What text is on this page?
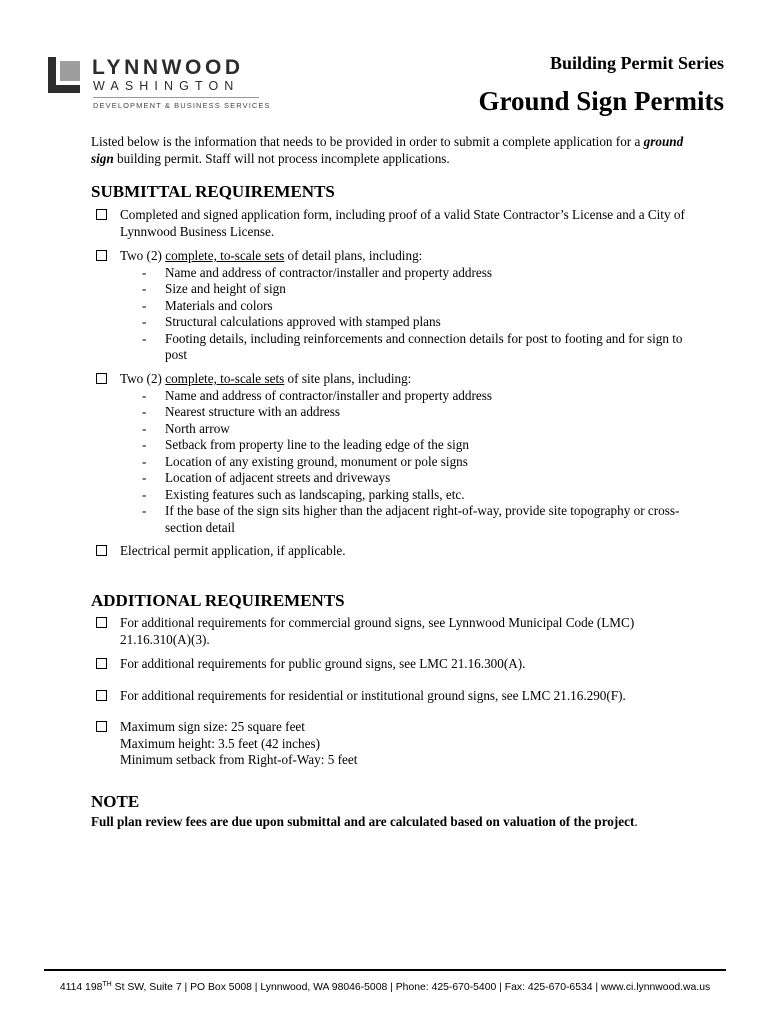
LYNNWOOD
WASHINGTON
DEVELOPMENT & BUSINESS SERVICES
Building Permit Series
Ground Sign Permits
Listed below is the information that needs to be provided in order to submit a complete application for a ground sign building permit. Staff will not process incomplete applications.
SUBMITTAL REQUIREMENTS
Completed and signed application form, including proof of a valid State Contractor’s License and a City of Lynnwood Business License.
Two (2) complete, to-scale sets of detail plans, including:
- Name and address of contractor/installer and property address
- Size and height of sign
- Materials and colors
- Structural calculations approved with stamped plans
- Footing details, including reinforcements and connection details for post to footing and for sign to post
Two (2) complete, to-scale sets of site plans, including:
- Name and address of contractor/installer and property address
- Nearest structure with an address
- North arrow
- Setback from property line to the leading edge of the sign
- Location of any existing ground, monument or pole signs
- Location of adjacent streets and driveways
- Existing features such as landscaping, parking stalls, etc.
- If the base of the sign sits higher than the adjacent right-of-way, provide site topography or cross-section detail
Electrical permit application, if applicable.
ADDITIONAL REQUIREMENTS
For additional requirements for commercial ground signs, see Lynnwood Municipal Code (LMC) 21.16.310(A)(3).
For additional requirements for public ground signs, see LMC 21.16.300(A).
For additional requirements for residential or institutional ground signs, see LMC 21.16.290(F).
Maximum sign size: 25 square feet
Maximum height: 3.5 feet (42 inches)
Minimum setback from Right-of-Way: 5 feet
NOTE
Full plan review fees are due upon submittal and are calculated based on valuation of the project.
4114 198TH St SW, Suite 7 | PO Box 5008 | Lynnwood, WA 98046-5008 | Phone: 425-670-5400 | Fax: 425-670-6534 | www.ci.lynnwood.wa.us
